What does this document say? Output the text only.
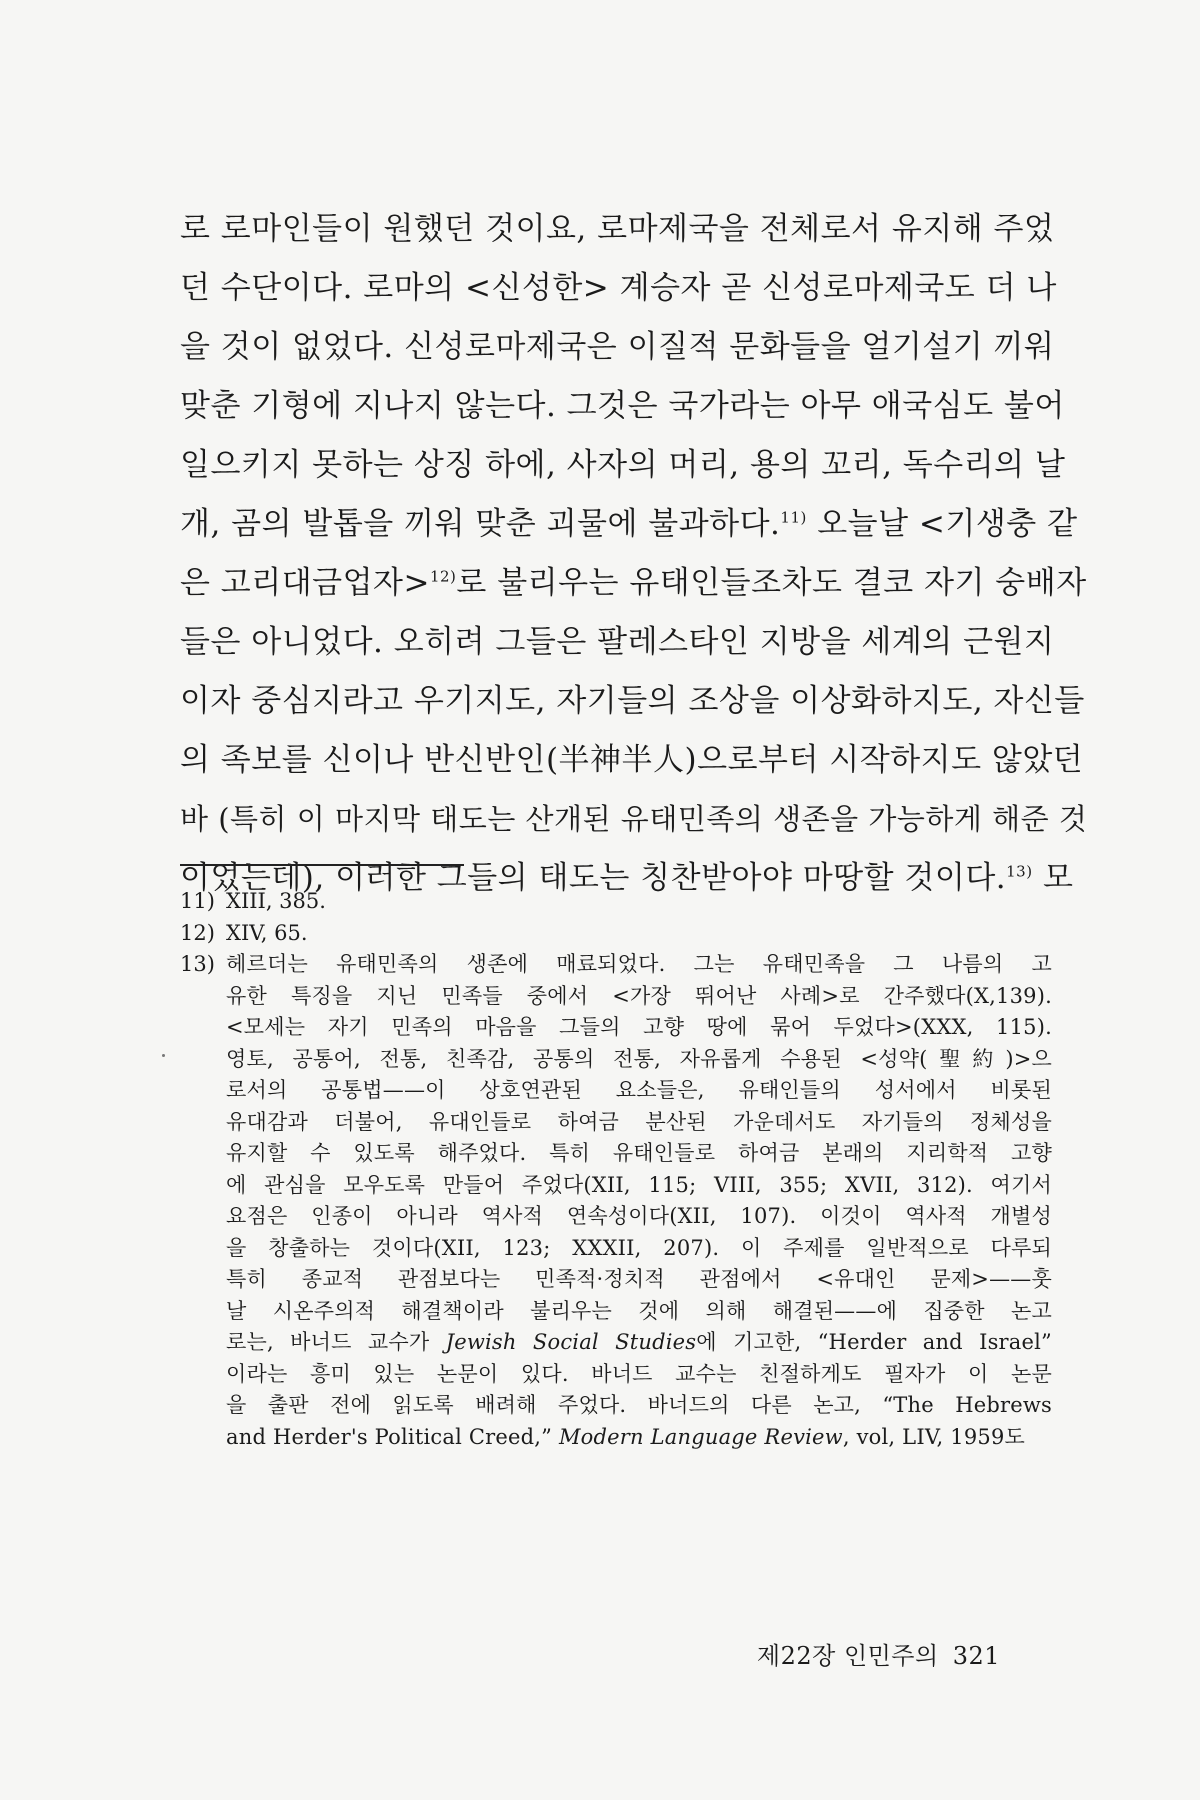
로 로마인들이 원했던 것이요, 로마제국을 전체로서 유지해 주었
던 수단이다. 로마의 <신성한> 계승자 곧 신성로마제국도 더 나
을 것이 없었다. 신성로마제국은 이질적 문화들을 얼기설기 끼워
맞춘 기형에 지나지 않는다. 그것은 국가라는 아무 애국심도 불어
일으키지 못하는 상징 하에, 사자의 머리, 용의 꼬리, 독수리의 날
개, 곰의 발톱을 끼워 맞춘 괴물에 불과하다.$^{11)}$ 오늘날 <기생충 같
은 고리대금업자>$^{12)}$로 불리우는 유태인들조차도 결코 자기 숭배자
들은 아니었다. 오히려 그들은 팔레스타인 지방을 세계의 근원지
이자 중심지라고 우기지도, 자기들의 조상을 이상화하지도, 자신들
의 족보를 신이나 반신반인(半神半人)으로부터 시작하지도 않았던
바 (특히 이 마지막 태도는 산개된 유태민족의 생존을 가능하게 해준 것
이었는데), 이러한 그들의 태도는 칭찬받아야 마땅할 것이다.$^{13)}$ 모
11) XIII, 385.
12) XIV, 65.
13) 헤르더는 유태민족의 생존에 매료되었다. 그는 유태민족을 그 나름의 고
유한 특징을 지닌 민족들 중에서 <가장 뛰어난 사례>로 간주했다(X,139).
<모세는 자기 민족의 마음을 그들의 고향 땅에 묶어 두었다>(XXX, 115).
영토, 공통어, 전통, 친족감, 공통의 전통, 자유롭게 수용된 <성약(聖約)>으
로서의 공통법——이 상호연관된 요소들은, 유태인들의 성서에서 비롯된
유대감과 더불어, 유대인들로 하여금 분산된 가운데서도 자기들의 정체성을
유지할 수 있도록 해주었다. 특히 유태인들로 하여금 본래의 지리학적 고향
에 관심을 모우도록 만들어 주었다(XII, 115; VIII, 355; XVII, 312). 여기서
요점은 인종이 아니라 역사적 연속성이다(XII, 107). 이것이 역사적 개별성
을 창출하는 것이다(XII, 123; XXXII, 207). 이 주제를 일반적으로 다루되
특히 종교적 관점보다는 민족적·정치적 관점에서 <유대인 문제>——훗
날 시온주의적 해결책이라 불리우는 것에 의해 해결된——에 집중한 논고
로는, 바너드 교수가 Jewish Social Studies에 기고한, “Herder and Israel”
이라는 흥미 있는 논문이 있다. 바너드 교수는 친절하게도 필자가 이 논문
을 출판 전에 읽도록 배려해 주었다. 바너드의 다른 논고, “The Hebrews
and Herder's Political Creed,” Modern Language Review, vol, LIV, 1959도
제22장 인민주의 321
